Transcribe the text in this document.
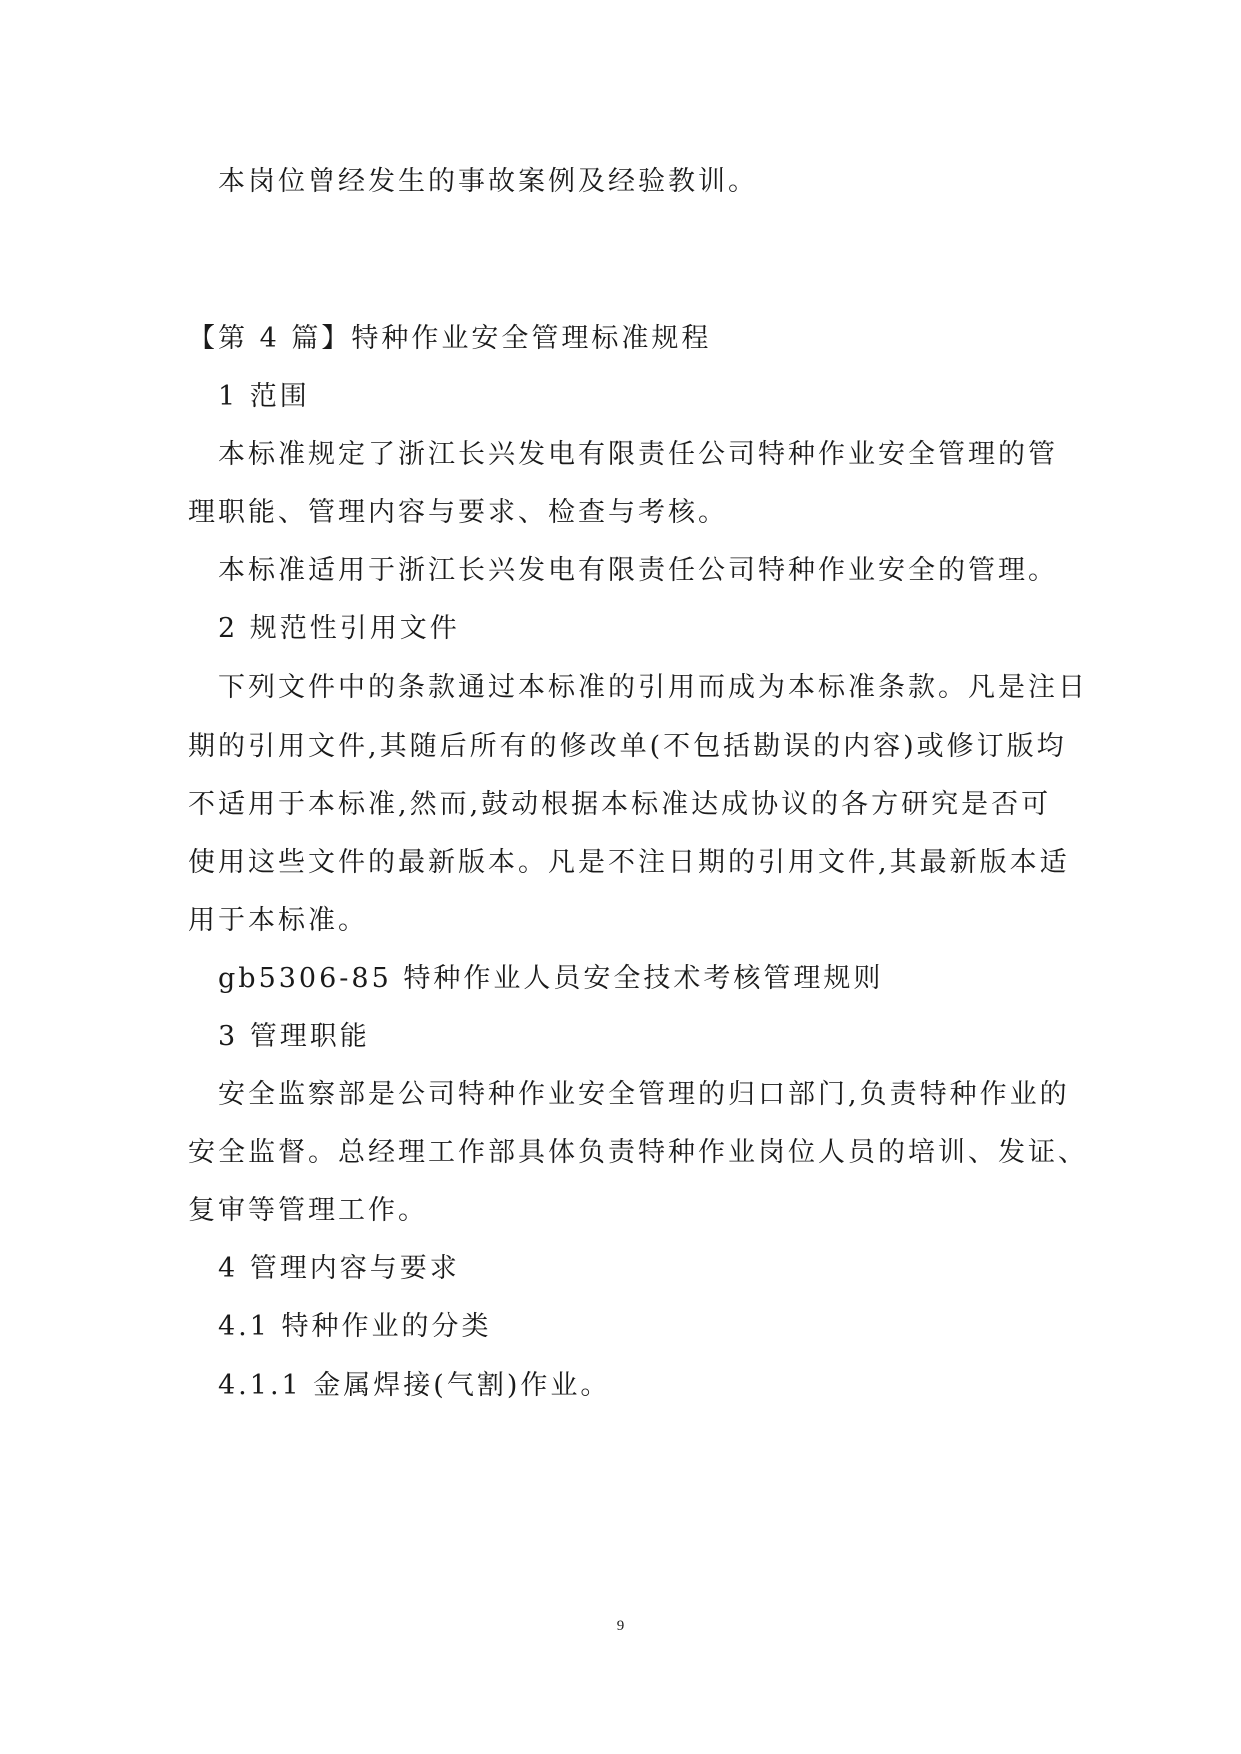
本岗位曾经发生的事故案例及经验教训。
【第 4 篇】特种作业安全管理标准规程
1 范围
本标准规定了浙江长兴发电有限责任公司特种作业安全管理的管
理职能、管理内容与要求、检查与考核。
本标准适用于浙江长兴发电有限责任公司特种作业安全的管理。
2 规范性引用文件
下列文件中的条款通过本标准的引用而成为本标准条款。凡是注日
期的引用文件,其随后所有的修改单(不包括勘误的内容)或修订版均
不适用于本标准,然而,鼓动根据本标准达成协议的各方研究是否可
使用这些文件的最新版本。凡是不注日期的引用文件,其最新版本适
用于本标准。
gb5306-85 特种作业人员安全技术考核管理规则
3 管理职能
安全监察部是公司特种作业安全管理的归口部门,负责特种作业的
安全监督。总经理工作部具体负责特种作业岗位人员的培训、发证、
复审等管理工作。
4 管理内容与要求
4.1 特种作业的分类
4.1.1 金属焊接(气割)作业。
9
